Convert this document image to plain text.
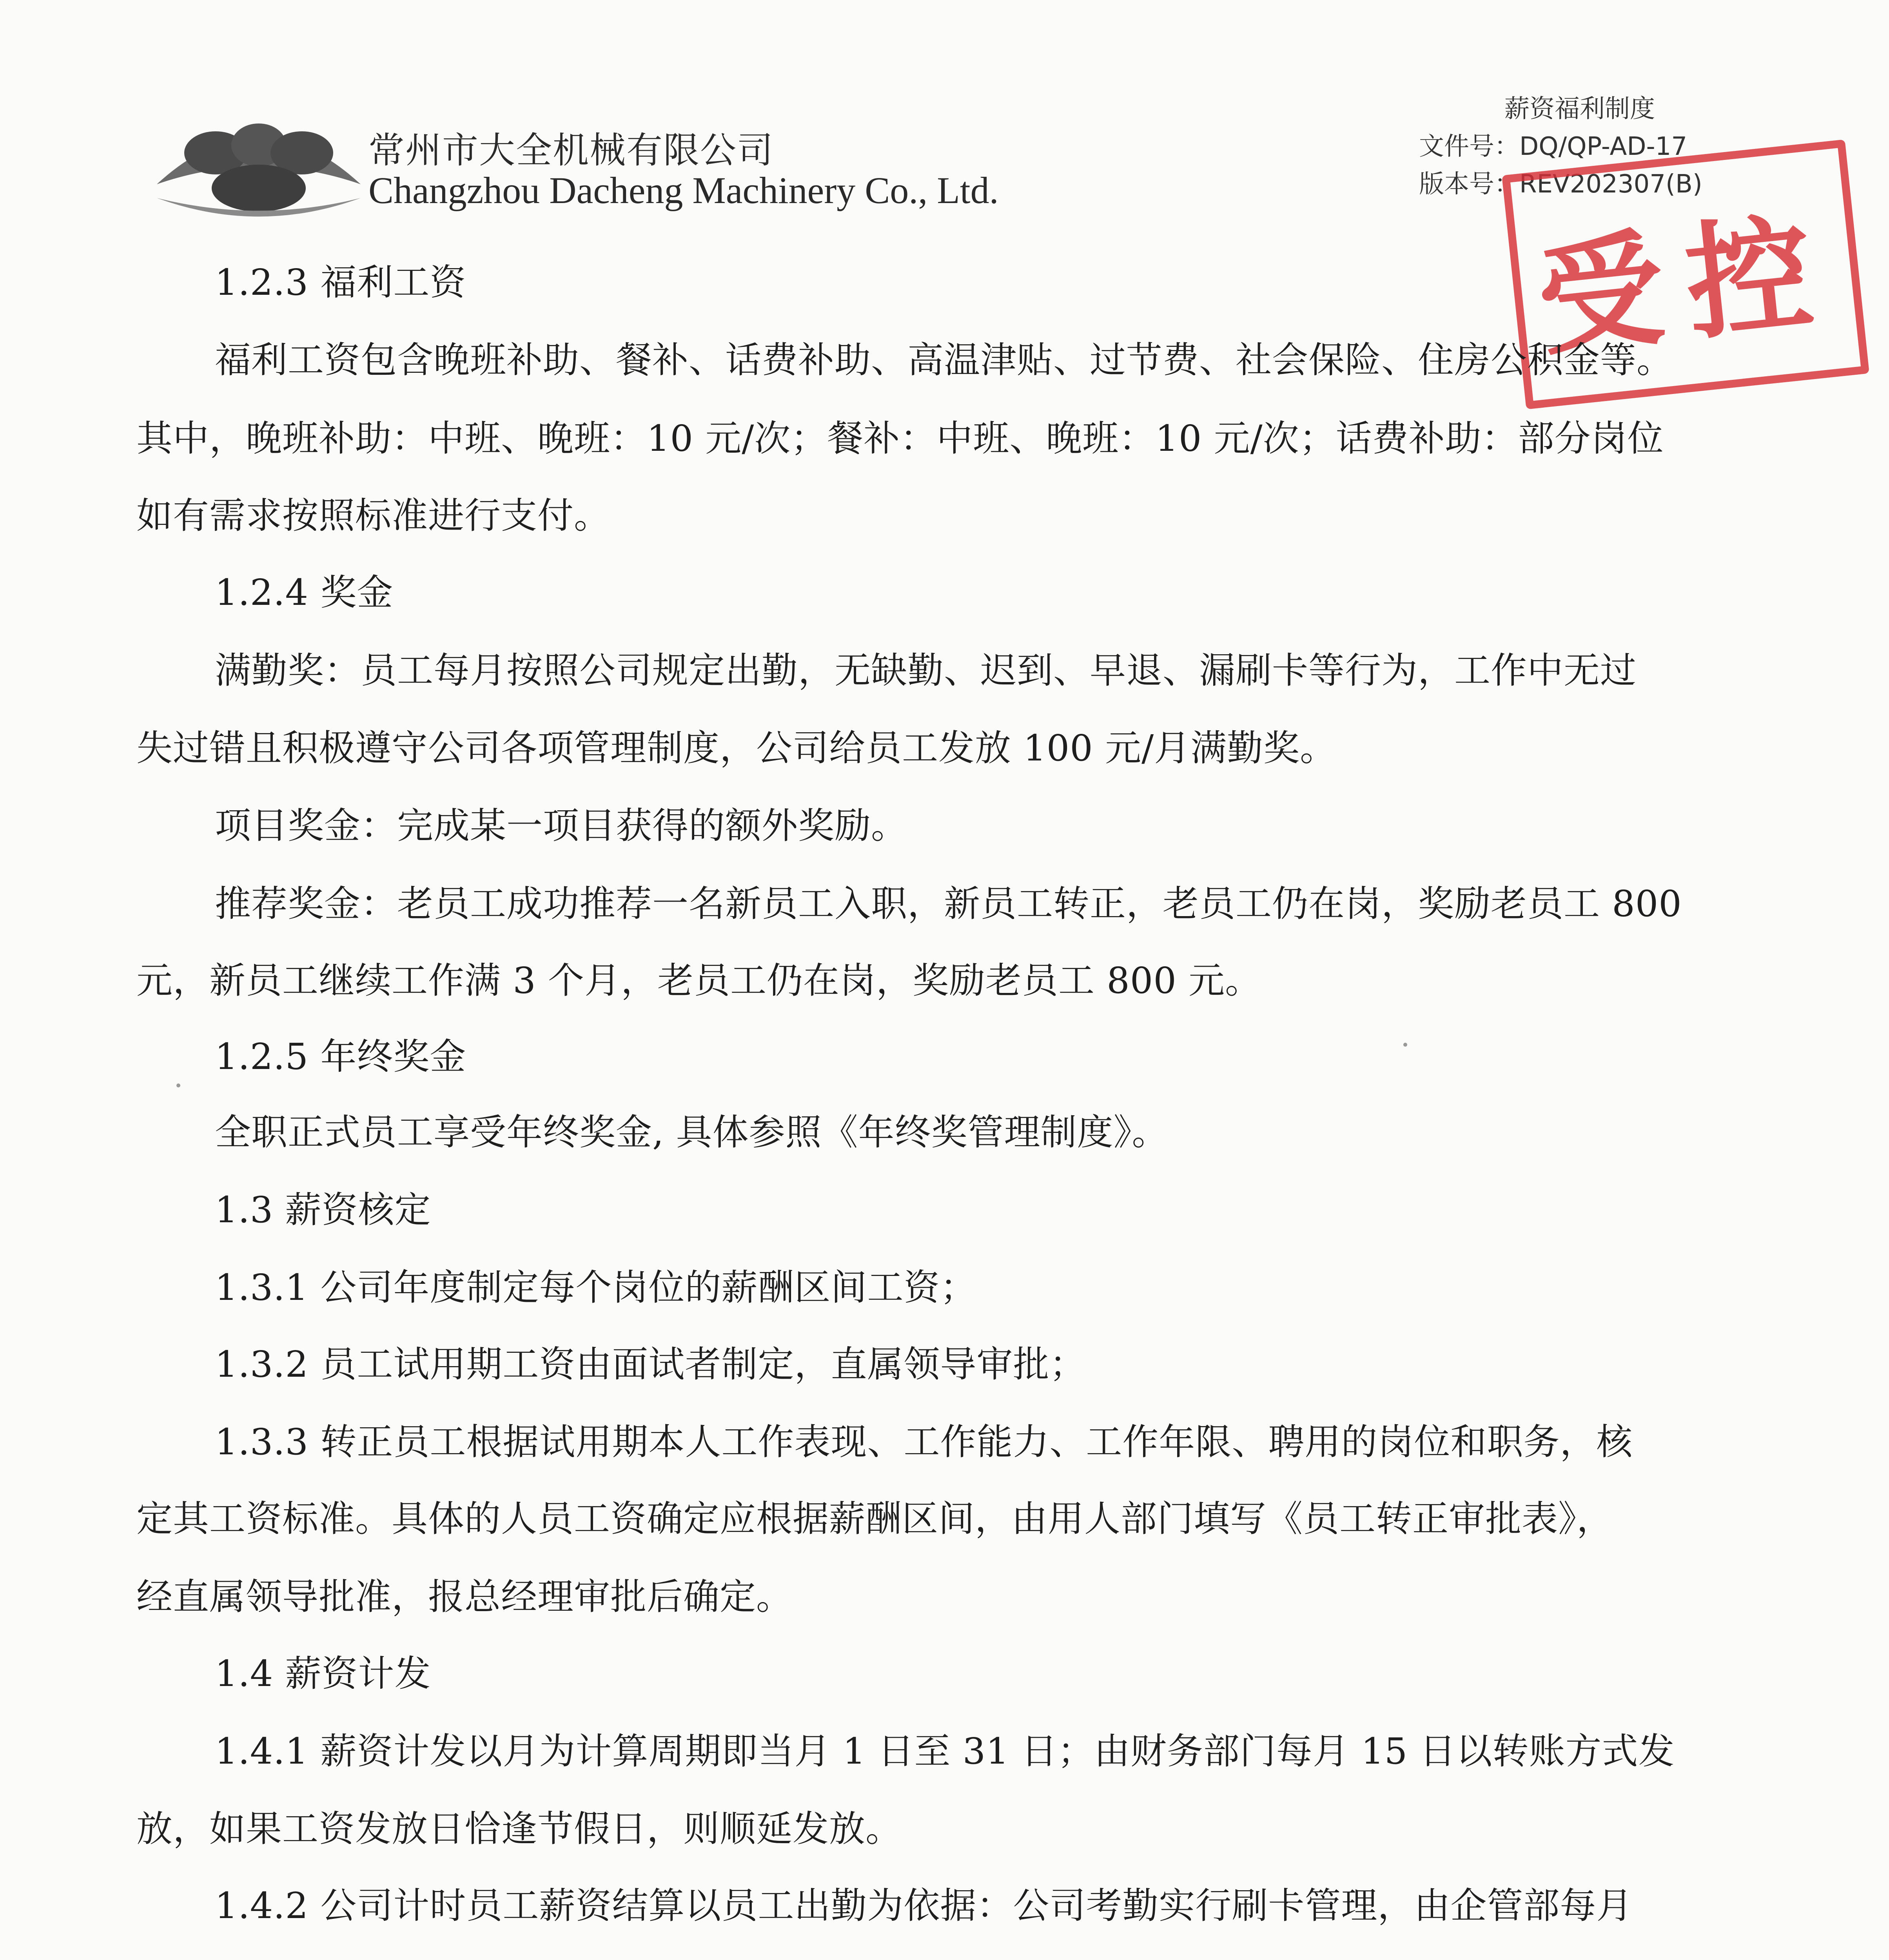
常州市大全机械有限公司
Changzhou Dacheng Machinery Co., Ltd.
薪资福利制度
文件号：DQ/QP-AD-17
版本号：REV202307(B)
受控
1.2.3 福利工资
福利工资包含晚班补助、餐补、话费补助、高温津贴、过节费、社会保险、住房公积金等。
其中，晚班补助：中班、晚班：10 元/次；餐补：中班、晚班：10 元/次；话费补助：部分岗位
如有需求按照标准进行支付。
1.2.4 奖金
满勤奖：员工每月按照公司规定出勤，无缺勤、迟到、早退、漏刷卡等行为，工作中无过
失过错且积极遵守公司各项管理制度，公司给员工发放 100 元/月满勤奖。
项目奖金：完成某一项目获得的额外奖励。
推荐奖金：老员工成功推荐一名新员工入职，新员工转正，老员工仍在岗，奖励老员工 800
元，新员工继续工作满 3 个月，老员工仍在岗，奖励老员工 800 元。
1.2.5 年终奖金
全职正式员工享受年终奖金, 具体参照《年终奖管理制度》。
1.3 薪资核定
1.3.1 公司年度制定每个岗位的薪酬区间工资；
1.3.2 员工试用期工资由面试者制定，直属领导审批；
1.3.3 转正员工根据试用期本人工作表现、工作能力、工作年限、聘用的岗位和职务，核
定其工资标准。具体的人员工资确定应根据薪酬区间，由用人部门填写《员工转正审批表》，
经直属领导批准，报总经理审批后确定。
1.4 薪资计发
1.4.1 薪资计发以月为计算周期即当月 1 日至 31 日；由财务部门每月 15 日以转账方式发
放，如果工资发放日恰逢节假日，则顺延发放。
1.4.2 公司计时员工薪资结算以员工出勤为依据：公司考勤实行刷卡管理，由企管部每月
